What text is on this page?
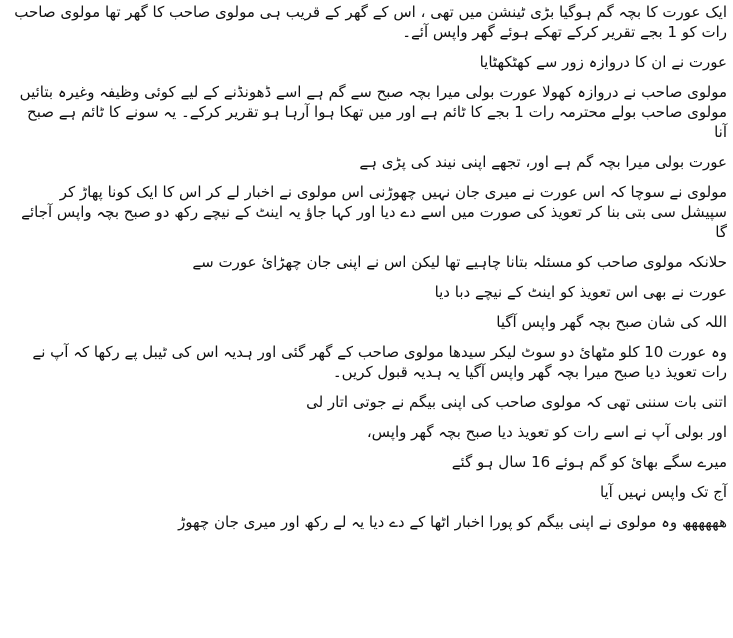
ایک عورت کا بچہ گم ہوگیا بڑی ٹینشن میں تھی ، اس کے گھر کے قریب ہی مولوی صاحب کا گھر تھا مولوی صاحب رات کو 1 بجے تقریر کرکے تھکے ہوئے گھر واپس آئے۔

عورت نے ان کا دروازہ زور سے کھٹکھٹایا

مولوی صاحب نے دروازہ کھولا عورت بولی میرا بچہ صبح سے گم ہے اسے ڈھونڈنے کے لیے کوئی وظیفہ وغیرہ بتائیں مولوی صاحب بولے محترمہ رات 1 بجے کا ٹائم ہے اور میں تھکا ہوا آرہا ہو تقریر کرکے۔ یہ سونے کا ٹائم ہے صبح آنا

عورت بولی میرا بچہ گم ہے اور، تجھے اپنی نیند کی پڑی ہے

مولوی نے سوچا کہ اس عورت نے میری جان نہیں چھوڑنی اس مولوی نے اخبار لے کر اس کا ایک کونا پھاڑ کر سپیشل سی بتی بنا کر تعویذ کی صورت میں اسے دے دیا اور کہا جاؤ یہ اینٹ کے نیچے رکھ دو صبح بچہ واپس آجائے گا

حلانکہ مولوی صاحب کو مسئلہ بتانا چاہیے تھا لیکن اس نے اپنی جان چھڑائ عورت سے

عورت نے بھی اس تعویذ کو اینٹ کے نیچے دبا دیا

اللہ کی شان صبح بچہ گھر واپس آگیا

وہ عورت 10 کلو مٹھائ دو سوٹ لیکر سیدھا مولوی صاحب کے گھر گئی اور ہدیہ اس کی ٹیبل پے رکھا کہ آپ نے رات تعویذ دیا صبح میرا بچہ گھر واپس آگیا یہ ہدیہ قبول کریں۔

اتنی بات سننی تھی کہ مولوی صاحب کی اپنی بیگم نے جوتی اتار لی

اور بولی آپ نے اسے رات کو تعویذ دیا صبح بچہ گھر واپس،

میرے سگے بھائ کو گم ہوئے 16 سال ہو گئے

آج تک واپس نہیں آیا

ھھھھھھ وہ مولوی نے اپنی بیگم کو پورا اخبار اٹھا کے دے دیا یہ لے رکھ اور میری جان چھوڑ
